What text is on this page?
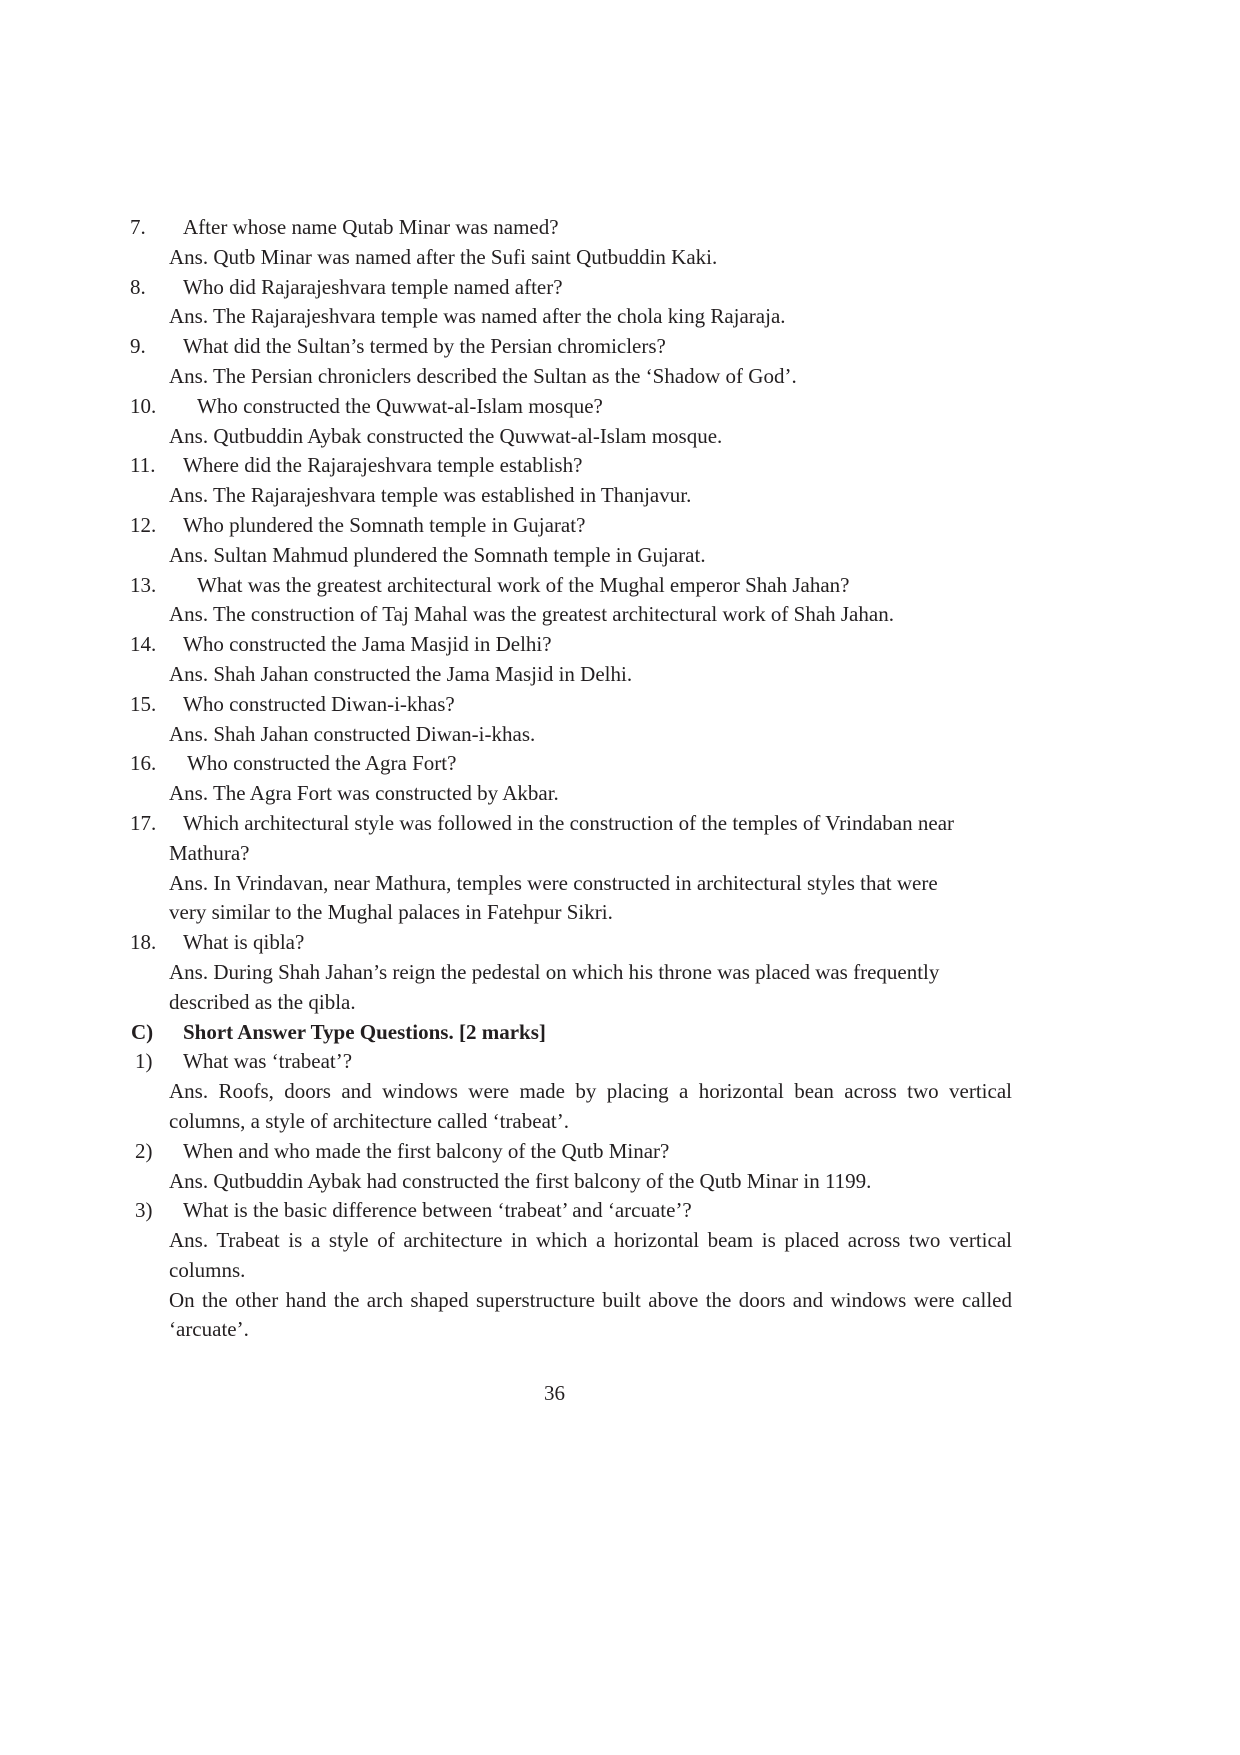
7. After whose name Qutab Minar was named?
Ans. Qutb Minar was named after the Sufi saint Qutbuddin Kaki.
8. Who did Rajarajeshvara temple named after?
Ans. The Rajarajeshvara temple was named after the chola king Rajaraja.
9. What did the Sultan’s termed by the Persian chromiclers?
Ans. The Persian chroniclers described the Sultan as the ‘Shadow of God’.
10. Who constructed the Quwwat-al-Islam mosque?
Ans. Qutbuddin Aybak constructed the Quwwat-al-Islam mosque.
11. Where did the Rajarajeshvara temple establish?
Ans. The Rajarajeshvara temple was established in Thanjavur.
12. Who plundered the Somnath temple in Gujarat?
Ans. Sultan Mahmud plundered the Somnath temple in Gujarat.
13. What was the greatest architectural work of the Mughal emperor Shah Jahan?
Ans. The construction of Taj Mahal was the greatest architectural work of Shah Jahan.
14. Who constructed the Jama Masjid in Delhi?
Ans. Shah Jahan constructed the Jama Masjid in Delhi.
15. Who constructed Diwan-i-khas?
Ans. Shah Jahan constructed Diwan-i-khas.
16. Who constructed the Agra Fort?
Ans. The Agra Fort was constructed by Akbar.
17. Which architectural style was followed in the construction of the temples of Vrindaban near
Mathura?
Ans. In Vrindavan, near Mathura, temples were constructed in architectural styles that were
very similar to the Mughal palaces in Fatehpur Sikri.
18. What is qibla?
Ans. During Shah Jahan’s reign the pedestal on which his throne was placed was frequently
described as the qibla.
C) Short Answer Type Questions. [2 marks]
1) What was ‘trabeat’?
Ans. Roofs, doors and windows were made by placing a horizontal bean across two vertical
columns, a style of architecture called ‘trabeat’.
2) When and who made the first balcony of the Qutb Minar?
Ans. Qutbuddin Aybak had constructed the first balcony of the Qutb Minar in 1199.
3) What is the basic difference between ‘trabeat’ and ‘arcuate’?
Ans. Trabeat is a style of architecture in which a horizontal beam is placed across two vertical
columns.
On the other hand the arch shaped superstructure built above the doors and windows were called
‘arcuate’.
36
